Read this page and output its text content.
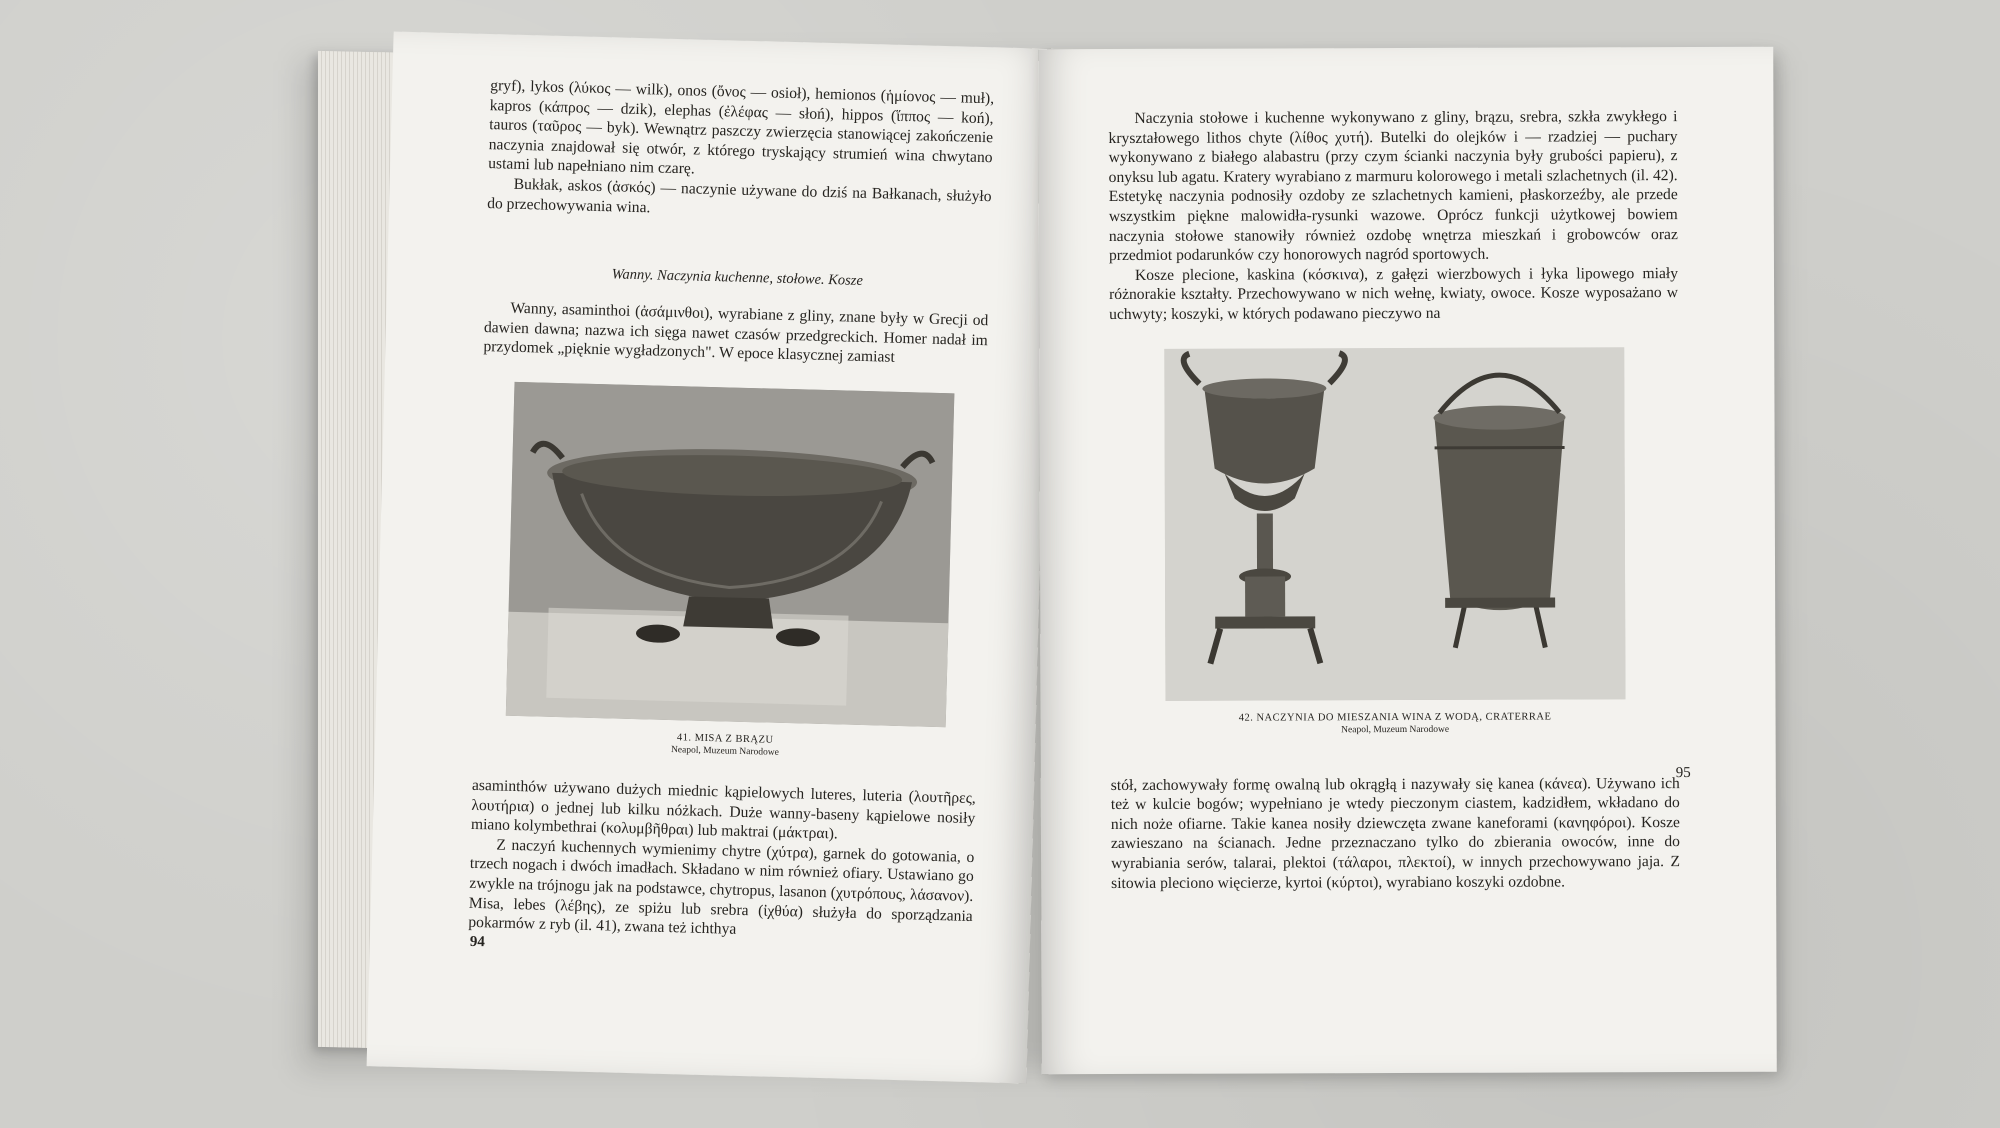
gryf), lykos (λύκος — wilk), onos (ὄνος — osioł), hemionos (ἡμίονος — muł), kapros (κάπρος — dzik), elephas (ἐλέφας — słoń), hippos (ἵππος — koń), tauros (ταῦρος — byk). Wewnątrz paszczy zwierzęcia stanowiącej zakończenie naczynia znajdował się otwór, z którego tryskający strumień wina chwytano ustami lub napełniano nim czarę.

Bukłak, askos (ἀσκός) — naczynie używane do dziś na Bałkanach, służyło do przechowywania wina.

Wanny. Naczynia kuchenne, stołowe. Kosze

Wanny, asaminthoi (ἀσάμινθοι), wyrabiane z gliny, znane były w Grecji od dawien dawna; nazwa ich sięga nawet czasów przedgreckich. Homer nadał im przydomek „pięknie wygładzonych". W epoce klasycznej zamiast

41. MISA Z BRĄZU
Neapol, Muzeum Narodowe

asaminthów używano dużych miednic kąpielowych luteres, luteria (λουτῆρες, λουτήρια) o jednej lub kilku nóżkach. Duże wanny-baseny kąpielowe nosiły miano kolymbethrai (κολυμβῆθραι) lub maktrai (μάκτραι).

Z naczyń kuchennych wymienimy chytre (χύτρα), garnek do gotowania, o trzech nogach i dwóch imadłach. Składano w nim również ofiary. Ustawiano go zwykle na trójnogu jak na podstawce, chytropus, lasanon (χυτρόπους, λάσανον). Misa, lebes (λέβης), ze spiżu lub srebra (ἰχθύα) służyła do sporządzania pokarmów z ryb (il. 41), zwana też ichthya

94

Naczynia stołowe i kuchenne wykonywano z gliny, brązu, srebra, szkła zwykłego i kryształowego lithos chyte (λίθος χυτή). Butelki do olejków i — rzadziej — puchary wykonywano z białego alabastru (przy czym ścianki naczynia były grubości papieru), z onyksu lub agatu. Kratery wyrabiano z marmuru kolorowego i metali szlachetnych (il. 42). Estetykę naczynia podnosiły ozdoby ze szlachetnych kamieni, płaskorzeźby, ale przede wszystkim piękne malowidła-rysunki wazowe. Oprócz funkcji użytkowej bowiem naczynia stołowe stanowiły również ozdobę wnętrza mieszkań i grobowców oraz przedmiot podarunków czy honorowych nagród sportowych.

Kosze plecione, kaskina (κόσκινα), z gałęzi wierzbowych i łyka lipowego miały różnorakie kształty. Przechowywano w nich wełnę, kwiaty, owoce. Kosze wyposażano w uchwyty; koszyki, w których podawano pieczywo na

42. NACZYNIA DO MIESZANIA WINA Z WODĄ, CRATERRAE
Neapol, Muzeum Narodowe

stół, zachowywały formę owalną lub okrągłą i nazywały się kanea (κάνεα). Używano ich też w kulcie bogów; wypełniano je wtedy pieczonym ciastem, kadzidłem, wkładano do nich noże ofiarne. Takie kanea nosiły dziewczęta zwane kaneforami (κανηφόροι). Kosze zawieszano na ścianach. Jedne przeznaczano tylko do zbierania owoców, inne do wyrabiania serów, talarai, plektoi (τάλαροι, πλεκτοί), w innych przechowywano jaja. Z sitowia pleciono więcierze, kyrtoi (κύρτοι), wyrabiano koszyki ozdobne.

95
